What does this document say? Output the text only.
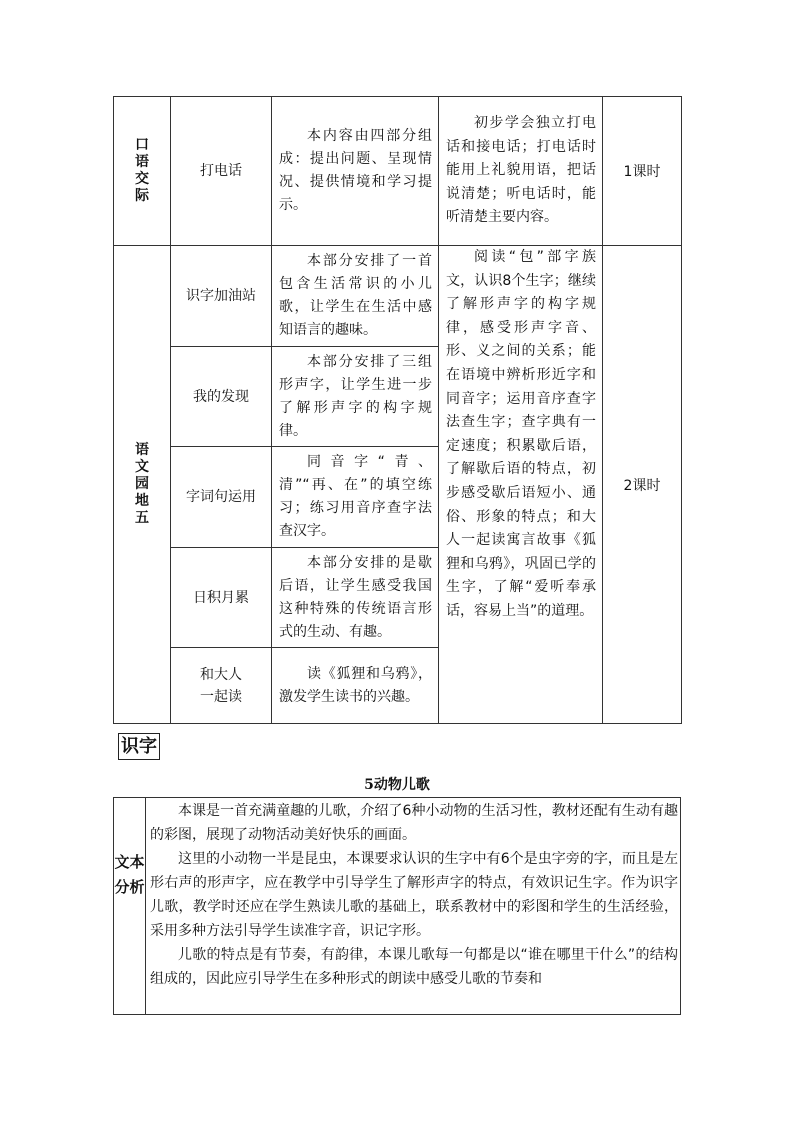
口语交际	打电话	本内容由四部分组成：提出问题、呈现情况、提供情境和学习提示。	初步学会独立打电话和接电话；打电话时能用上礼貌用语，把话说清楚；听电话时，能听清楚主要内容。	1课时

语文园地五	识字加油站	本部分安排了一首包含生活常识的小儿歌，让学生在生活中感知语言的趣味。	阅读“包”部字族文，认识8个生字；继续了解形声字的构字规律，感受形声字音、形、义之间的关系；能在语境中辨析形近字和同音字；运用音序查字法查生字；查字典有一定速度；积累歇后语，了解歇后语的特点，初步感受歇后语短小、通俗、形象的特点；和大人一起读寓言故事《狐狸和乌鸦》，巩固已学的生字，了解“爱听奉承话，容易上当”的道理。	2课时
	我的发现	本部分安排了三组形声字，让学生进一步了解形声字的构字规律。		

	字词句运用	同音字“青、清”“再、在”的填空练习；练习用音序查字法查汉字。		

	日积月累	本部分安排的是歇后语，让学生感受我国这种特殊的传统语言形式的生动、有趣。		

	和大人一起读	读《狐狸和乌鸦》，激发学生读书的兴趣。		
识字
5动物儿歌
文本分析

本课是一首充满童趣的儿歌，介绍了6种小动物的生活习性，教材还配有生动有趣的彩图，展现了动物活动美好快乐的画面。

这里的小动物一半是昆虫，本课要求认识的生字中有6个是虫字旁的字，而且是左形右声的形声字，应在教学中引导学生了解形声字的特点，有效识记生字。作为识字儿歌，教学时还应在学生熟读儿歌的基础上，联系教材中的彩图和学生的生活经验，采用多种方法引导学生读准字音，识记字形。

儿歌的特点是有节奏，有韵律，本课儿歌每一句都是以“谁在哪里干什么”的结构组成的，因此应引导学生在多种形式的朗读中感受儿歌的节奏和
